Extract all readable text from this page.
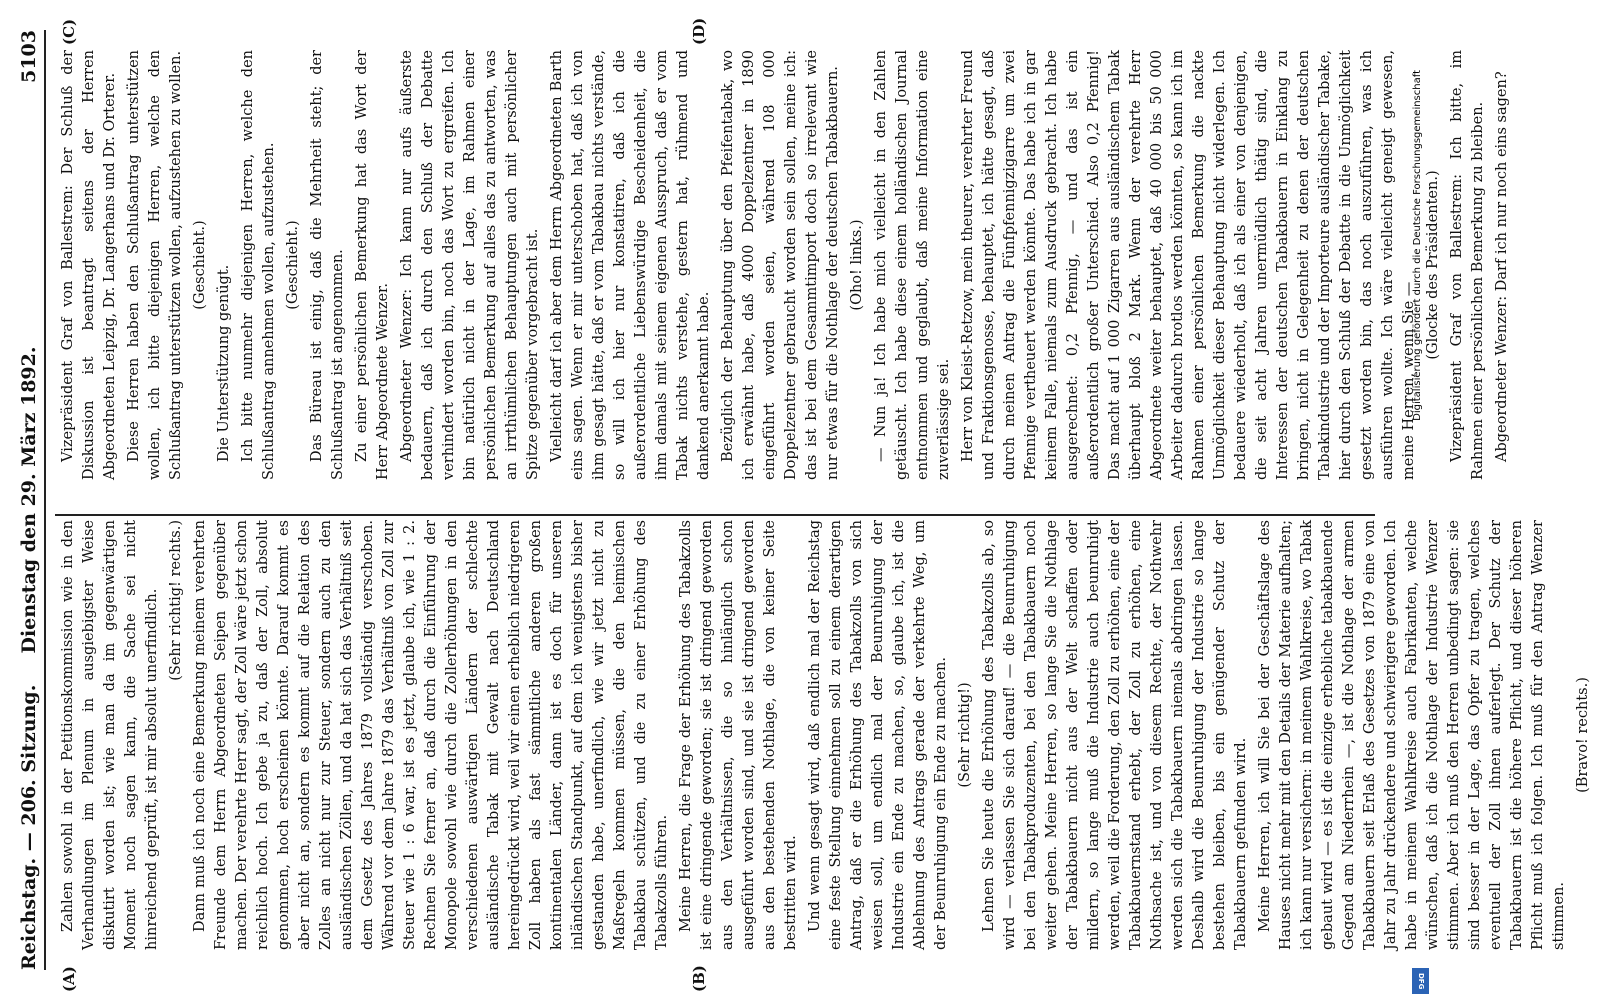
Reichstag. — 206. Sitzung.
Dienstag den 29. März 1892.
5103
(A)	(B)
(C)	(D)

Zahlen sowohl in der Petitionskommission wie in den Verhandlungen im Plenum in ausgiebigster Weise diskutirt worden ist; wie man da im gegenwärtigen Moment noch sagen kann, die Sache sei nicht hinreichend geprüft, ist mir absolut unerfindlich. (Sehr richtig! rechts.) Dann muß ich noch eine Bemerkung meinem verehrten Freunde dem Herrn Abgeordneten Seipen gegenüber machen. Der verehrte Herr sagt, der Zoll wäre jetzt schon reichlich hoch. Ich gebe ja zu, daß der Zoll, absolut genommen, hoch erscheinen könnte. Darauf kommt es aber nicht an, sondern es kommt auf die Relation des Zolles an nicht nur zur Steuer, sondern auch zu den ausländischen Zöllen, und da hat sich das Verhältniß seit dem Gesetz des Jahres 1879 vollständig verschoben. Während vor dem Jahre 1879 das Verhältniß von Zoll zur Steuer wie 1 : 6 war, ist es jetzt, glaube ich, wie 1 : 2. Rechnen Sie ferner an, daß durch die Einführung der Monopole sowohl wie durch die Zollerhöhungen in den verschiedenen auswärtigen Ländern der schlechte ausländische Tabak mit Gewalt nach Deutschland hereingedrückt wird, weil wir einen erheblich niedrigeren Zoll haben als fast sämmtliche anderen großen kontinentalen Länder, dann ist es doch für unseren inländischen Standpunkt, auf dem ich wenigstens bisher gestanden habe, unerfindlich, wie wir jetzt nicht zu Maßregeln kommen müssen, die den heimischen Tabakbau schützen, und die zu einer Erhöhung des Tabakzolls führen. Meine Herren, die Frage der Erhöhung des Tabakzolls ist eine dringende geworden; sie ist dringend geworden aus den Verhältnissen, die so hinlänglich schon ausgeführt worden sind, und sie ist dringend geworden aus den bestehenden Nothlage, die von keiner Seite bestritten wird. Und wenn gesagt wird, daß endlich mal der Reichstag eine feste Stellung einnehmen soll zu einem derartigen Antrag, daß er die Erhöhung des Tabakzolls von sich weisen soll, um endlich mal der Beunruhigung der Industrie ein Ende zu machen, so, glaube ich, ist die Ablehnung des Antrags gerade der verkehrte Weg, um der Beunruhigung ein Ende zu machen. (Sehr richtig!) Lehnen Sie heute die Erhöhung des Tabakzolls ab, so wird — verlassen Sie sich darauf! — die Beunruhigung bei den Tabakproduzenten, bei den Tabakbauern noch weiter gehen. Meine Herren, so lange Sie die Nothlage der Tabakbauern nicht aus der Welt schaffen oder mildern, so lange muß die Industrie auch beunruhigt werden, weil die Forderung, den Zoll zu erhöhen, eine der Tabakbauernstand erhebt, der Zoll zu erhöhen, eine Nothsache ist, und von diesem Rechte, der Nothwehr werden sich die Tabakbauern niemals abdringen lassen. Deshalb wird die Beunruhigung der Industrie so lange bestehen bleiben, bis ein genügender Schutz der Tabakbauern gefunden wird. Meine Herren, ich will Sie bei der Geschäftslage des Hauses nicht mehr mit den Details der Materie aufhalten; ich kann nur versichern: in meinem Wahlkreise, wo Tabak gebaut wird — es ist die einzige erhebliche tabakbauende Gegend am Niederrhein —, ist die Nothlage der armen Tabakbauern seit Erlaß des Gesetzes von 1879 eine von Jahr zu Jahr drückendere und schwierigere geworden. Ich habe in meinem Wahlkreise auch Fabrikanten, welche wünschen, daß ich die Nothlage der Industrie Wenzer stimmen. Aber ich muß den Herren unbedingt sagen: sie sind besser in der Lage, das Opfer zu tragen, welches eventuell der Zoll ihnen auferlegt. Der Schutz der Tabakbauern ist die höhere Pflicht, und dieser höheren Pflicht muß ich folgen. Ich muß für den Antrag Wenzer stimmen.

(Bravo! rechts.)

Vizepräsident Graf von Ballestrem: Der Schluß der Diskussion ist beantragt seitens der Herren Abgeordneten Leipzig, Dr. Langerhans und Dr. Orterer. Diese Herren haben den Schlußantrag unterstützen wollen, ich bitte diejenigen Herren, welche den Schlußantrag unterstützen wollen, aufzustehen zu wollen. (Geschieht.) Die Unterstützung genügt. Ich bitte nunmehr diejenigen Herren, welche den Schlußantrag annehmen wollen, aufzustehen. (Geschieht.) Das Büreau ist einig, daß die Mehrheit steht; der Schlußantrag ist angenommen. Zu einer persönlichen Bemerkung hat das Wort der Herr Abgeordnete Wenzer. Abgeordneter Wenzer: Ich kann nur aufs äußerste bedauern, daß ich durch den Schluß der Debatte verhindert worden bin, noch das Wort zu ergreifen. Ich bin natürlich nicht in der Lage, im Rahmen einer persönlichen Bemerkung auf alles das zu antworten, was an irrthümlichen Behauptungen auch mit persönlicher Spitze gegenüber vorgebracht ist. Vielleicht darf ich aber dem Herrn Abgeordneten Barth eins sagen. Wenn er mir unterschoben hat, daß ich von ihm gesagt hätte, daß er vom Tabakbau nichts verstände, so will ich hier nur konstatiren, daß ich die außerordentliche Liebenswürdige Bescheidenheit, die ihm damals mit seinem eigenen Ausspruch, daß er vom Tabak nichts verstehe, gestern hat, rühmend und dankend anerkannt habe. Bezüglich der Behauptung über den Pfeifentabak, wo ich erwähnt habe, daß 4000 Doppelzentner in 1890 eingeführt worden seien, während 108 000 Doppelzentner gebraucht worden sein sollen, meine ich: das ist bei dem Gesammtimport doch so irrelevant wie nur etwas für die Nothlage der deutschen Tabakbauern. (Oho! links.) — Nun ja! Ich habe mich vielleicht in den Zahlen getäuscht. Ich habe diese einem holländischen Journal entnommen und geglaubt, daß meine Information eine zuverlässige sei. Herr von Kleist-Retzow, mein theurer, verehrter Freund und Fraktionsgenosse, behauptet, ich hätte gesagt, daß durch meinen Antrag die Fünfpfennigzigarre um zwei Pfennige vertheuert werden könnte. Das habe ich in gar keinem Falle, niemals zum Ausdruck gebracht. Ich habe ausgerechnet: 0,2 Pfennig, — und das ist ein außerordentlich großer Unterschied. Also 0,2 Pfennig! Das macht auf 1 000 Zigarren aus ausländischem Tabak überhaupt bloß 2 Mark. Wenn der verehrte Herr Abgeordnete weiter behauptet, daß 40 000 bis 50 000 Arbeiter dadurch brotlos werden könnten, so kann ich im Rahmen einer persönlichen Bemerkung die nackte Unmöglichkeit dieser Behauptung nicht widerlegen. Ich bedauere wiederholt, daß ich als einer von denjenigen, die seit acht Jahren unermüdlich thätig sind, die Interessen der deutschen Tabakbauern in Einklang zu bringen, nicht in Gelegenheit zu denen der deutschen Tabakindustrie und der Importeure ausländischer Tabake, hier durch den Schluß der Debatte in die Unmöglichkeit gesetzt worden bin, das noch auszuführen, was ich ausführen wollte. Ich wäre vielleicht geneigt gewesen, meine Herren, wenn Sie —

(Glocke des Präsidenten.) Vizepräsident Graf von Ballestrem: Ich bitte, im Rahmen einer persönlichen Bemerkung zu bleiben. Abgeordneter Wenzer: Darf ich nur noch eins sagen?

Digitalisierung gefördert durch die Deutsche Forschungsgemeinschaft
DFG
